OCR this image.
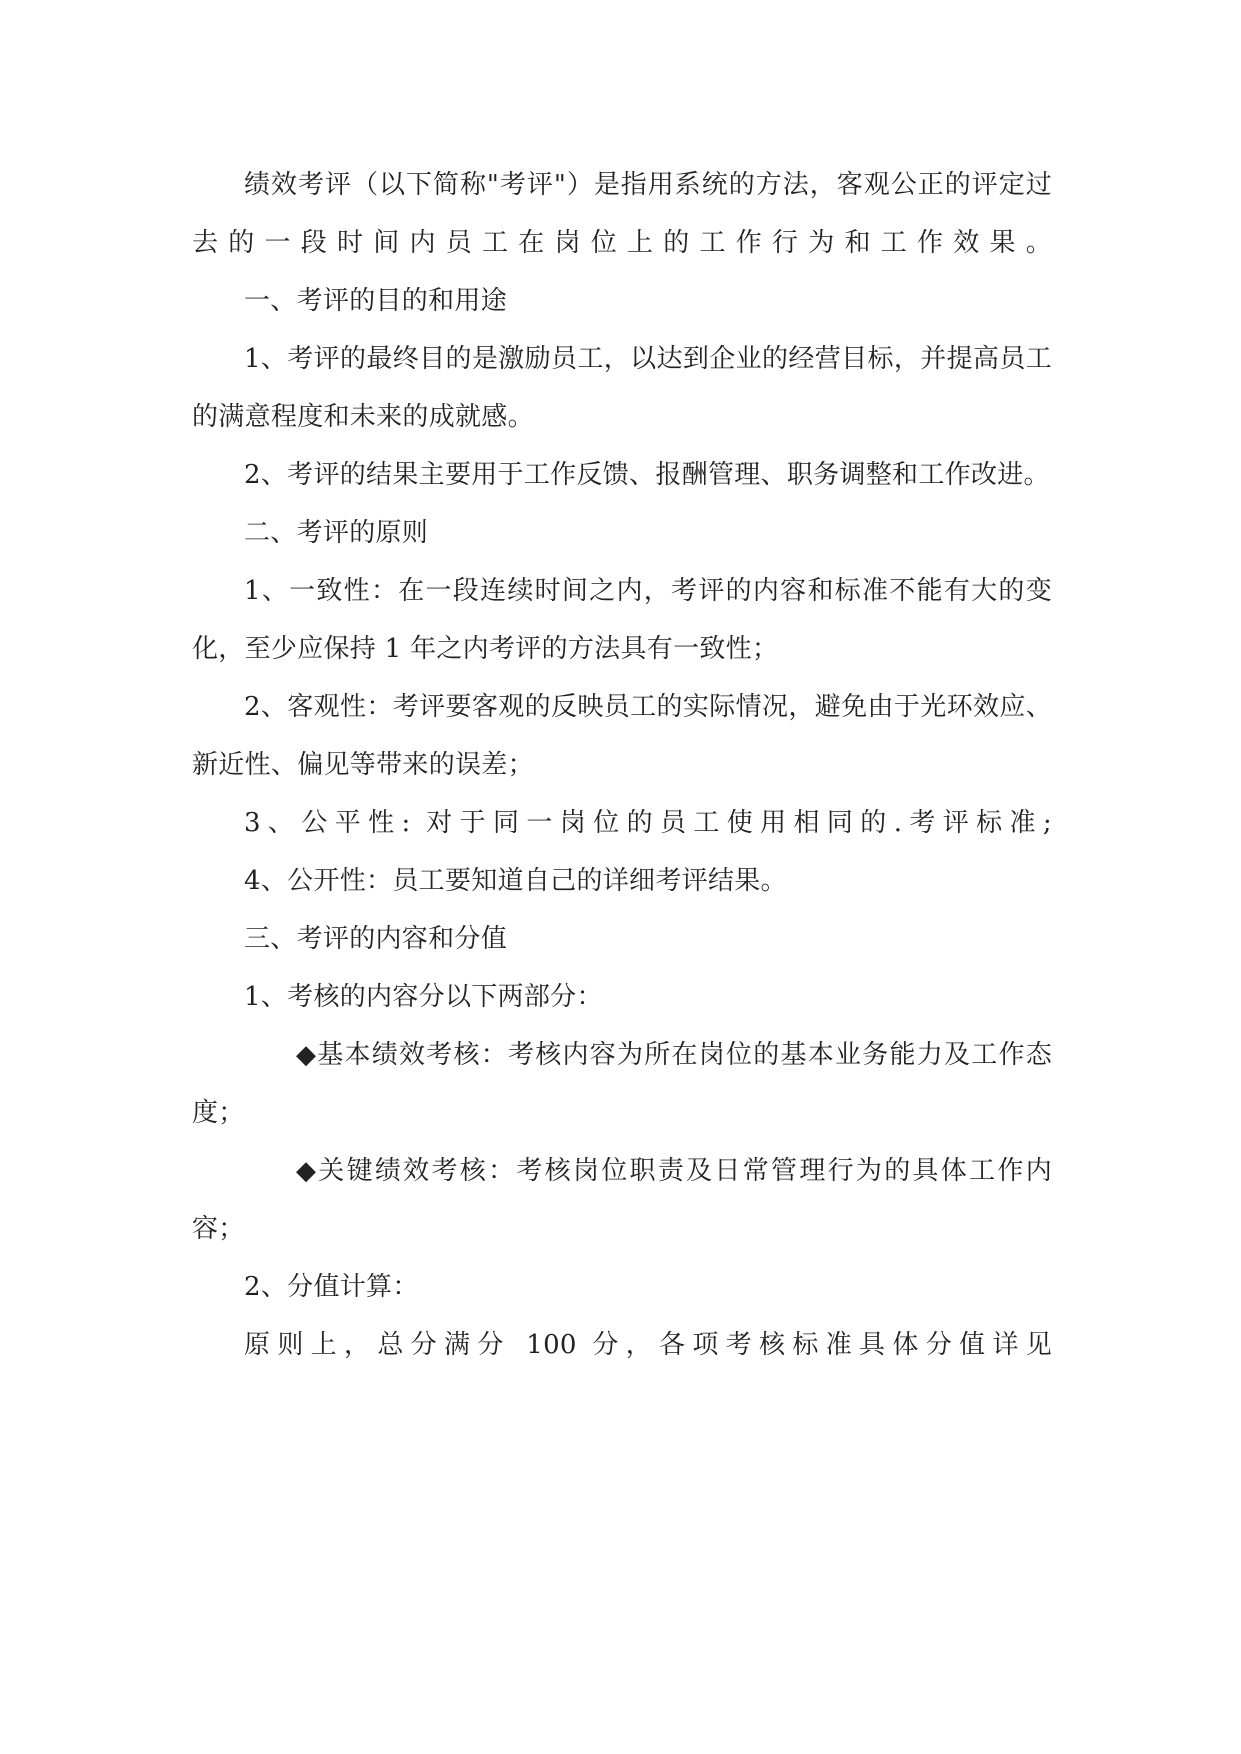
绩效考评（以下简称"考评"）是指用系统的方法，客观公正的评定过去的一段时间内员工在岗位上的工作行为和工作效果。

一、考评的目的和用途

1、考评的最终目的是激励员工，以达到企业的经营目标，并提高员工的满意程度和未来的成就感。

2、考评的结果主要用于工作反馈、报酬管理、职务调整和工作改进。

二、考评的原则

1、一致性：在一段连续时间之内，考评的内容和标准不能有大的变化，至少应保持 1 年之内考评的方法具有一致性；

2、客观性：考评要客观的反映员工的实际情况，避免由于光环效应、新近性、偏见等带来的误差；

3、公平性: 对于同一岗位的员工使用相同的.考评标准;

4、公开性：员工要知道自己的详细考评结果。

三、考评的内容和分值

1、考核的内容分以下两部分：

◆基本绩效考核：考核内容为所在岗位的基本业务能力及工作态度；

◆关键绩效考核：考核岗位职责及日常管理行为的具体工作内容；

2、分值计算：

原则上，总分满分 100 分，各项考核标准具体分值详见
